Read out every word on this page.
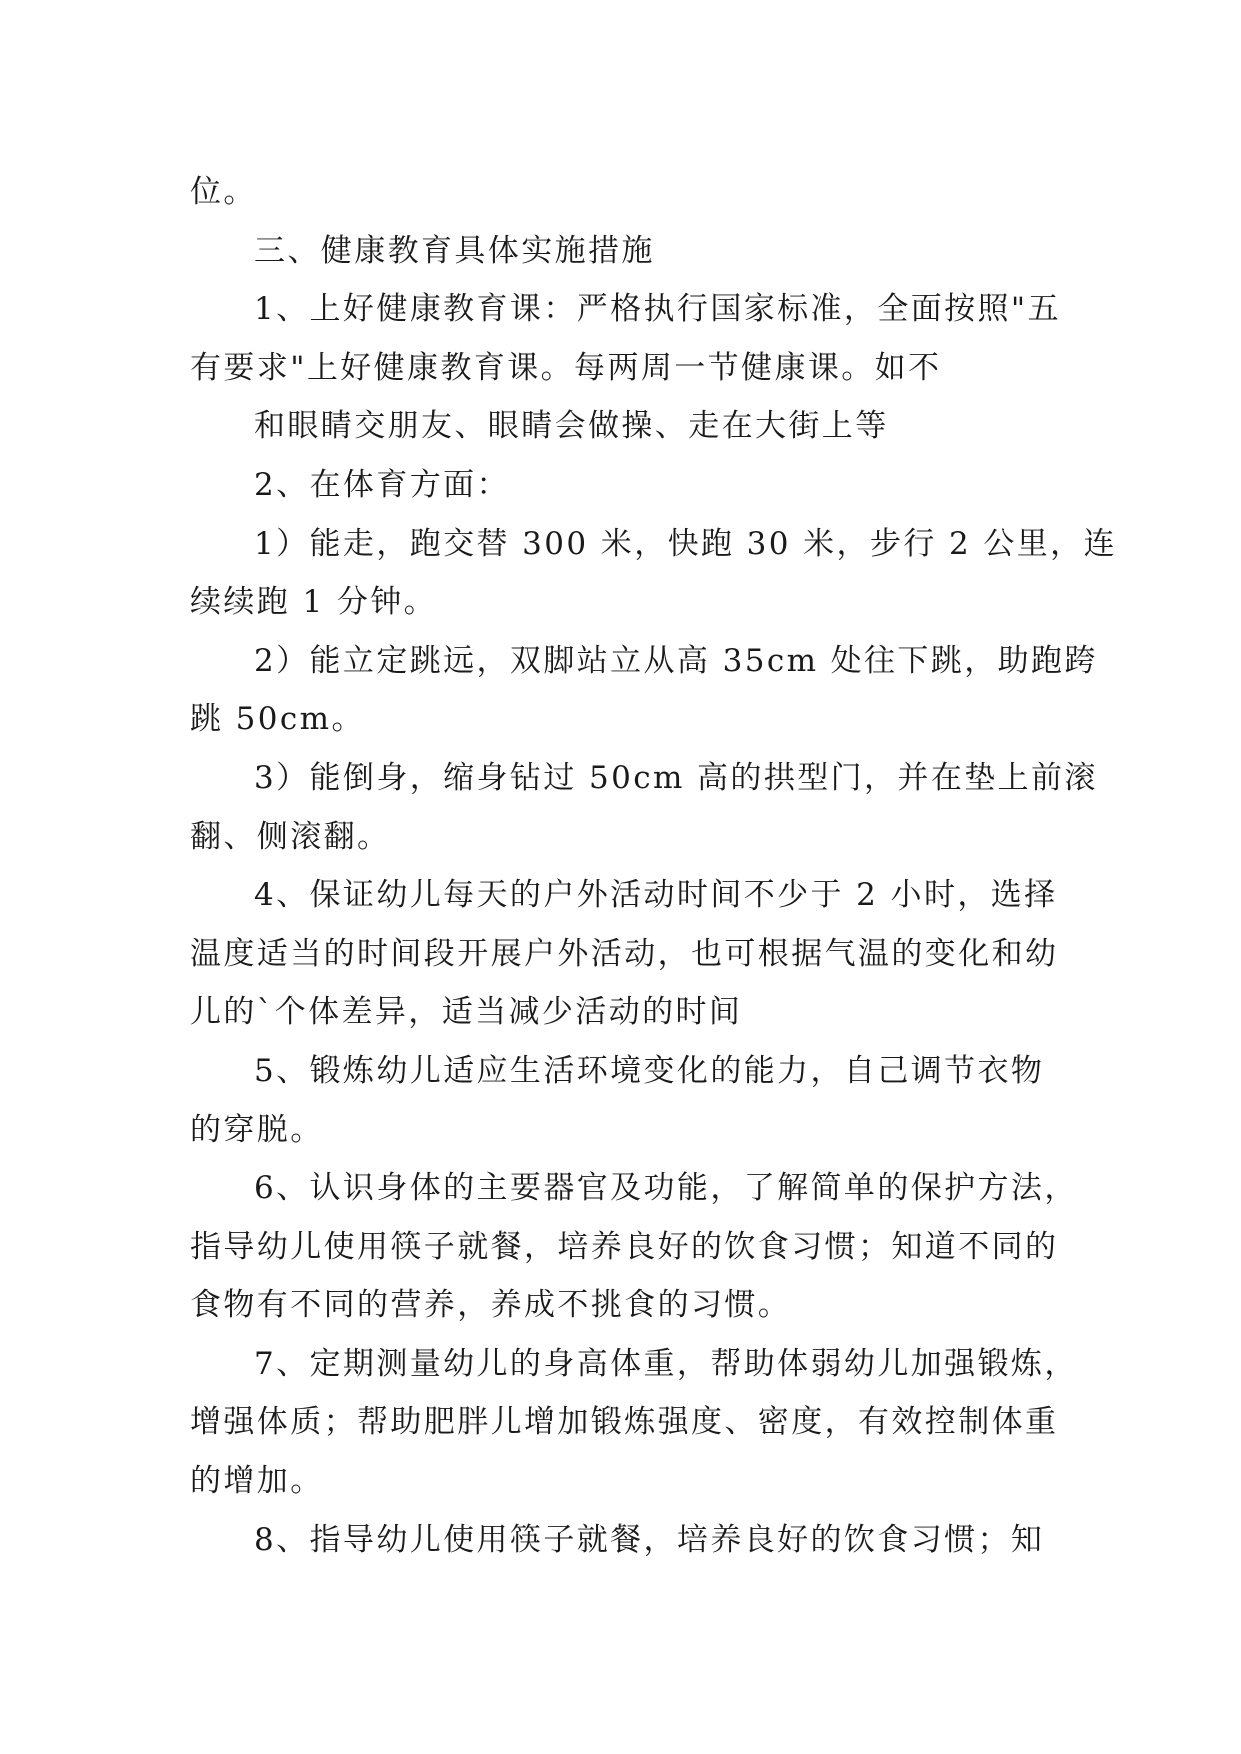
位。
三、健康教育具体实施措施
1、上好健康教育课：严格执行国家标准，全面按照"五
有要求"上好健康教育课。每两周一节健康课。如不
和眼睛交朋友、眼睛会做操、走在大街上等
2、在体育方面：
1）能走，跑交替 300 米，快跑 30 米，步行 2 公里，连
续续跑 1 分钟。
2）能立定跳远，双脚站立从高 35cm 处往下跳，助跑跨
跳 50cm。
3）能倒身，缩身钻过 50cm 高的拱型门，并在垫上前滚
翻、侧滚翻。
4、保证幼儿每天的户外活动时间不少于 2 小时，选择
温度适当的时间段开展户外活动，也可根据气温的变化和幼
儿的`个体差异，适当减少活动的时间
5、锻炼幼儿适应生活环境变化的能力，自己调节衣物
的穿脱。
6、认识身体的主要器官及功能，了解简单的保护方法，
指导幼儿使用筷子就餐，培养良好的饮食习惯；知道不同的
食物有不同的营养，养成不挑食的习惯。
7、定期测量幼儿的身高体重，帮助体弱幼儿加强锻炼，
增强体质；帮助肥胖儿增加锻炼强度、密度，有效控制体重
的增加。
8、指导幼儿使用筷子就餐，培养良好的饮食习惯；知
